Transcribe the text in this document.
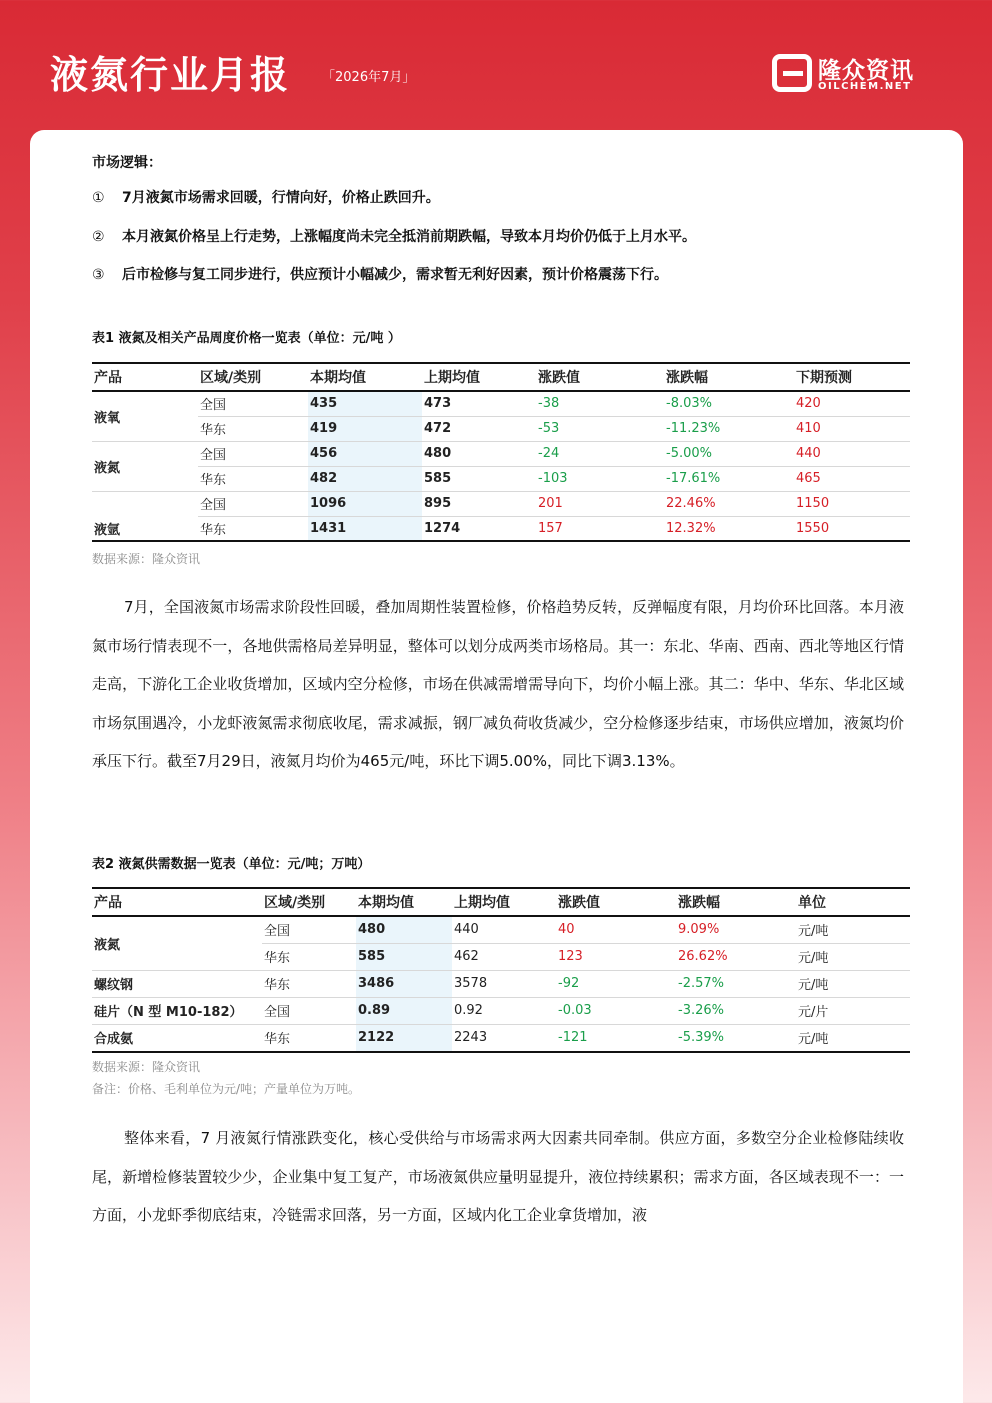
液氮行业月报 「2026年7月」	隆众资讯
OILCHEM.NET
市场逻辑：
① 7月液氮市场需求回暖，行情向好，价格止跌回升。
② 本月液氮价格呈上行走势，上涨幅度尚未完全抵消前期跌幅，导致本月均价仍低于上月水平。
③ 后市检修与复工同步进行，供应预计小幅减少，需求暂无利好因素，预计价格震荡下行。
表1 液氮及相关产品周度价格一览表（单位：元/吨 ）
产品	区域/类别	本期均值	上期均值	涨跌值	涨跌幅	下期预测
液氧	全国	435	473	-38	-8.03%	420
	华东	419	472	-53	-11.23%	410
液氮	全国	456	480	-24	-5.00%	440
	华东	482	585	-103	-17.61%	465
液氩	全国	1096	895	201	22.46%	1150
	华东	1431	1274	157	12.32%	1550
数据来源：隆众资讯
7月，全国液氮市场需求阶段性回暖，叠加周期性装置检修，价格趋势反转，反弹幅度有限，月均价环比回落。本月液氮市场行情表现不一，各地供需格局差异明显，整体可以划分成两类市场格局。其一：东北、华南、西南、西北等地区行情走高，下游化工企业收货增加，区域内空分检修，市场在供减需增需导向下，均价小幅上涨。其二：华中、华东、华北区域市场氛围遇冷，小龙虾液氮需求彻底收尾，需求减振，钢厂减负荷收货减少，空分检修逐步结束，市场供应增加，液氮均价承压下行。截至7月29日，液氮月均价为465元/吨，环比下调5.00%，同比下调3.13%。
表2 液氮供需数据一览表（单位：元/吨；万吨）
产品	区域/类别	本期均值	上期均值	涨跌值	涨跌幅	单位
液氮	全国	480	440	40	9.09%	元/吨
	华东	585	462	123	26.62%	元/吨
螺纹钢	华东	3486	3578	-92	-2.57%	元/吨
硅片（N 型 M10-182）	全国	0.89	0.92	-0.03	-3.26%	元/片
合成氨	华东	2122	2243	-121	-5.39%	元/吨
数据来源：隆众资讯
备注：价格、毛利单位为元/吨；产量单位为万吨。
整体来看，7 月液氮行情涨跌变化，核心受供给与市场需求两大因素共同牵制。供应方面，多数空分企业检修陆续收尾，新增检修装置较少少，企业集中复工复产，市场液氮供应量明显提升，液位持续累积；需求方面，各区域表现不一：一方面，小龙虾季彻底结束，冷链需求回落，另一方面，区域内化工企业拿货增加，液
